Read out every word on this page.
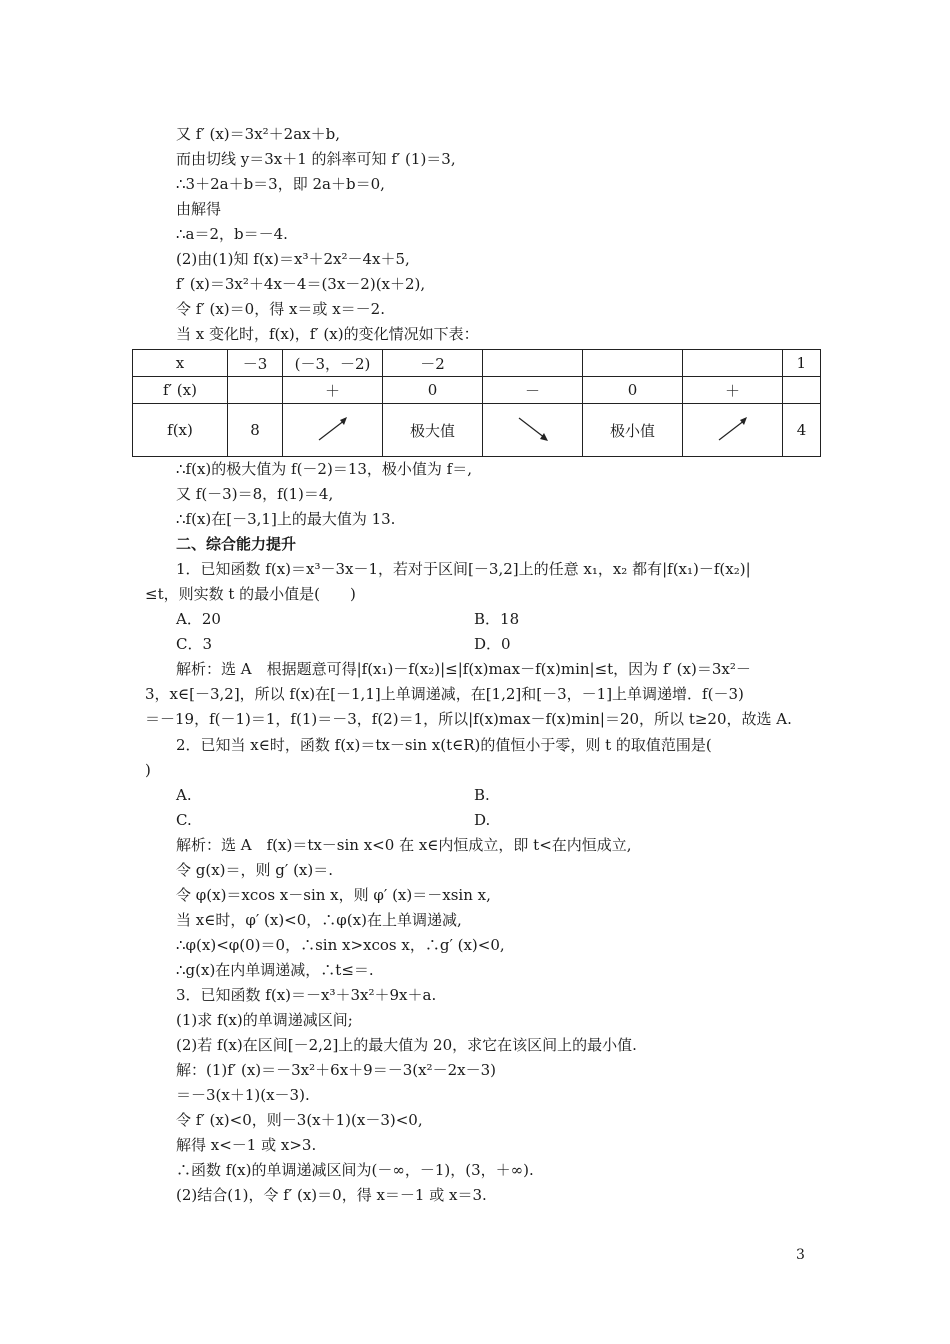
又 f′ (x)＝3x²＋2ax＋b,
而由切线 y＝3x＋1 的斜率可知 f′ (1)＝3,
∴3＋2a＋b＝3，即 2a＋b＝0,
由解得
∴a＝2，b＝－4.
(2)由(1)知 f(x)＝x³＋2x²－4x＋5,
f′ (x)＝3x²＋4x－4＝(3x－2)(x＋2),
令 f′ (x)＝0，得 x＝或 x＝－2.
当 x 变化时，f(x)，f′ (x)的变化情况如下表：
x	－3	(－3，－2)	－2				1
f′ (x)		＋	0	－	0	＋	
f(x)	8		极大值		极小值		4
∴f(x)的极大值为 f(－2)＝13，极小值为 f＝,
又 f(－3)＝8，f(1)＝4,
∴f(x)在[－3,1]上的最大值为 13.
二、综合能力提升
1．已知函数 f(x)＝x³－3x－1，若对于区间[－3,2]上的任意 x₁，x₂ 都有|f(x₁)－f(x₂)|
≤t，则实数 t 的最小值是(　　)
A．20	B．18
C．3	D．0
解析：选 A　根据题意可得|f(x₁)－f(x₂)|≤|f(x)max－f(x)min|≤t，因为 f′ (x)＝3x²－
3，x∈[－3,2]，所以 f(x)在[－1,1]上单调递减，在[1,2]和[－3，－1]上单调递增．f(－3)
＝－19，f(－1)＝1，f(1)＝－3，f(2)＝1，所以|f(x)max－f(x)min|＝20，所以 t≥20，故选 A.
2．已知当 x∈时，函数 f(x)＝tx－sin x(t∈R)的值恒小于零，则 t 的取值范围是(
)
A.	B.
C.	D.
解析：选 A　f(x)＝tx－sin x<0 在 x∈内恒成立，即 t<在内恒成立,
令 g(x)＝，则 g′ (x)＝.
令 φ(x)＝xcos x－sin x，则 φ′ (x)＝－xsin x,
当 x∈时，φ′ (x)<0，∴φ(x)在上单调递减,
∴φ(x)<φ(0)＝0，∴sin x>xcos x，∴g′ (x)<0,
∴g(x)在内单调递减，∴t≤＝.
3．已知函数 f(x)＝－x³＋3x²＋9x＋a.
(1)求 f(x)的单调递减区间;
(2)若 f(x)在区间[－2,2]上的最大值为 20，求它在该区间上的最小值.
解：(1)f′ (x)＝－3x²＋6x＋9＝－3(x²－2x－3)
＝－3(x＋1)(x－3).
令 f′ (x)<0，则－3(x＋1)(x－3)<0,
解得 x<－1 或 x>3.
∴函数 f(x)的单调递减区间为(－∞，－1)，(3，＋∞).
(2)结合(1)，令 f′ (x)＝0，得 x＝－1 或 x＝3.
3
